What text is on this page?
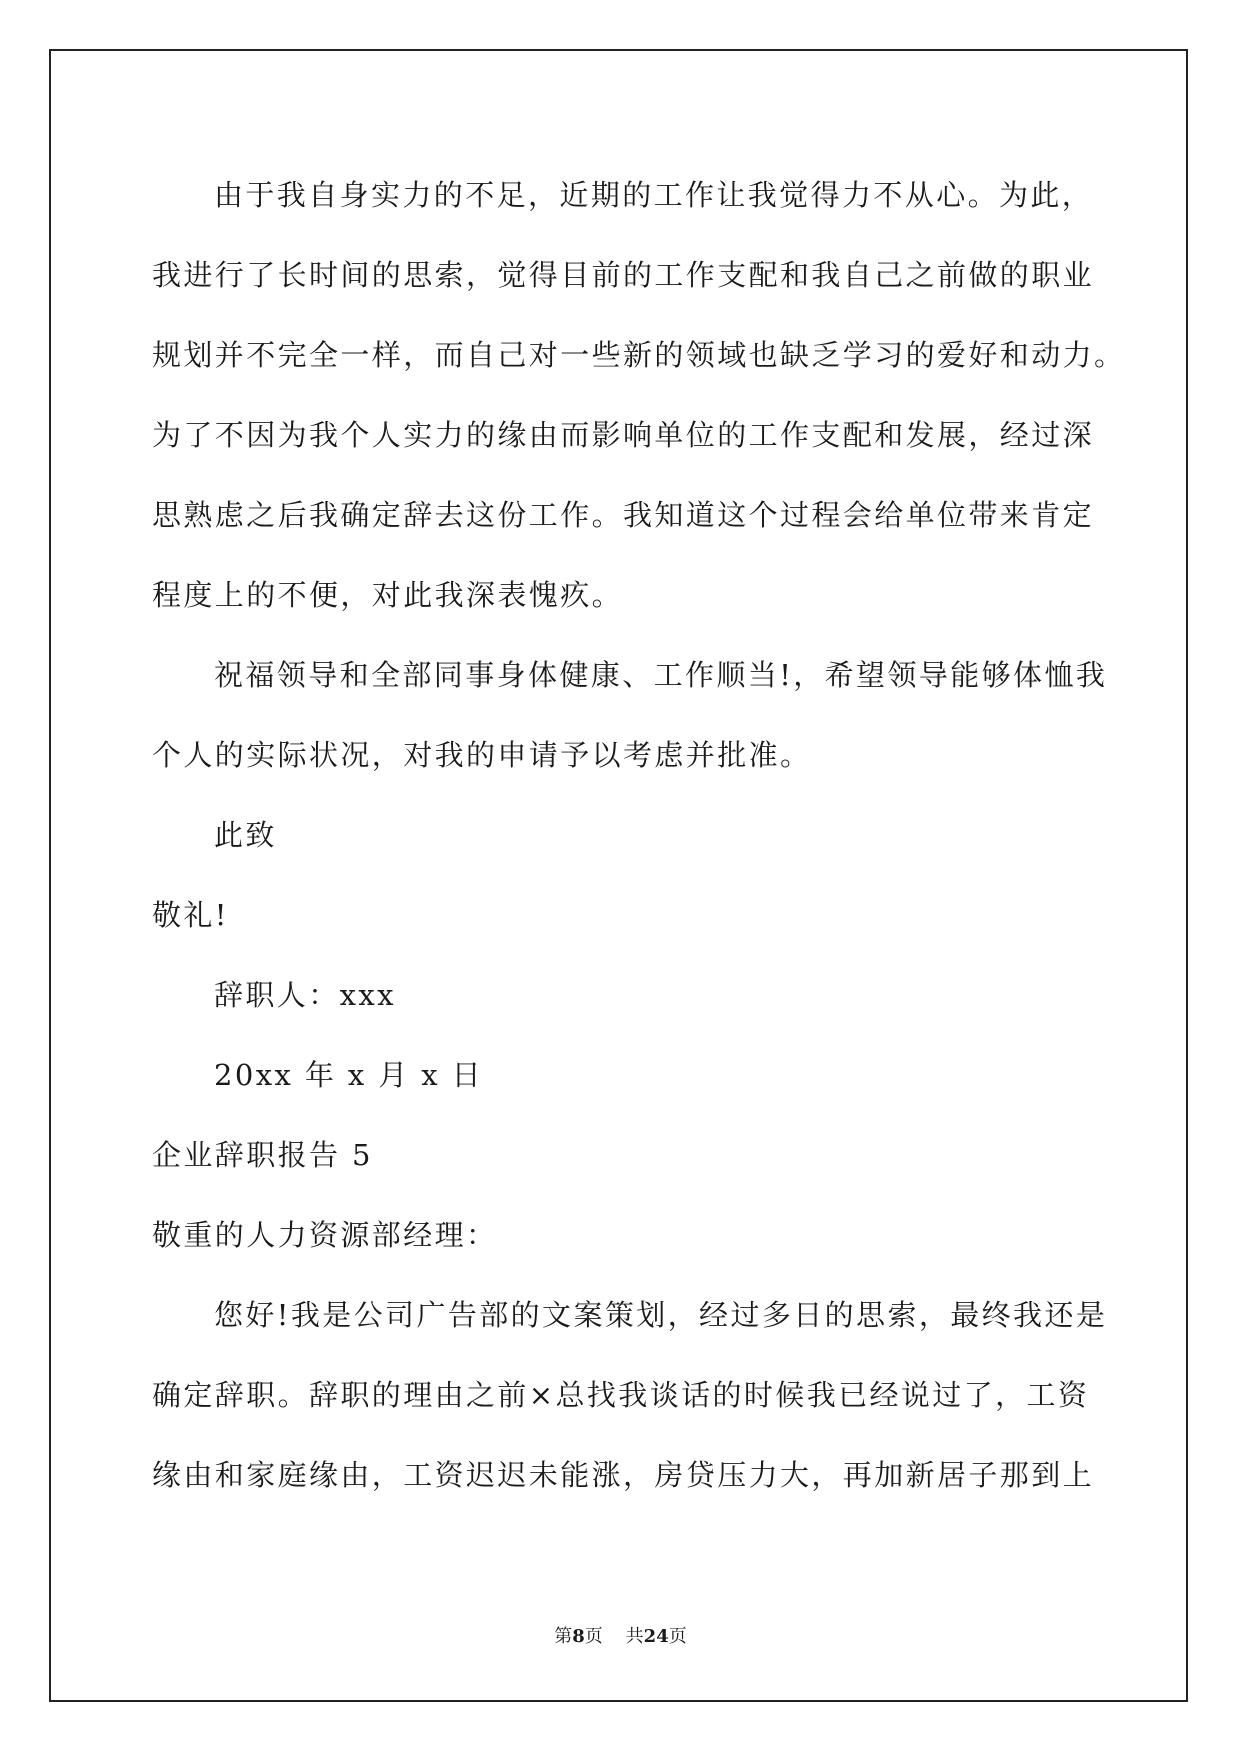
由于我自身实力的不足，近期的工作让我觉得力不从心。为此，
我进行了长时间的思索，觉得目前的工作支配和我自己之前做的职业
规划并不完全一样，而自己对一些新的领域也缺乏学习的爱好和动力。
为了不因为我个人实力的缘由而影响单位的工作支配和发展，经过深
思熟虑之后我确定辞去这份工作。我知道这个过程会给单位带来肯定
程度上的不便，对此我深表愧疚。
祝福领导和全部同事身体健康、工作顺当!，希望领导能够体恤我
个人的实际状况，对我的申请予以考虑并批准。
此致
敬礼!
辞职人：xxx
20xx 年 x 月 x 日
企业辞职报告 5
敬重的人力资源部经理：
您好!我是公司广告部的文案策划，经过多日的思索，最终我还是
确定辞职。辞职的理由之前×总找我谈话的时候我已经说过了，工资
缘由和家庭缘由，工资迟迟未能涨，房贷压力大，再加新居子那到上
第8页 共24页
